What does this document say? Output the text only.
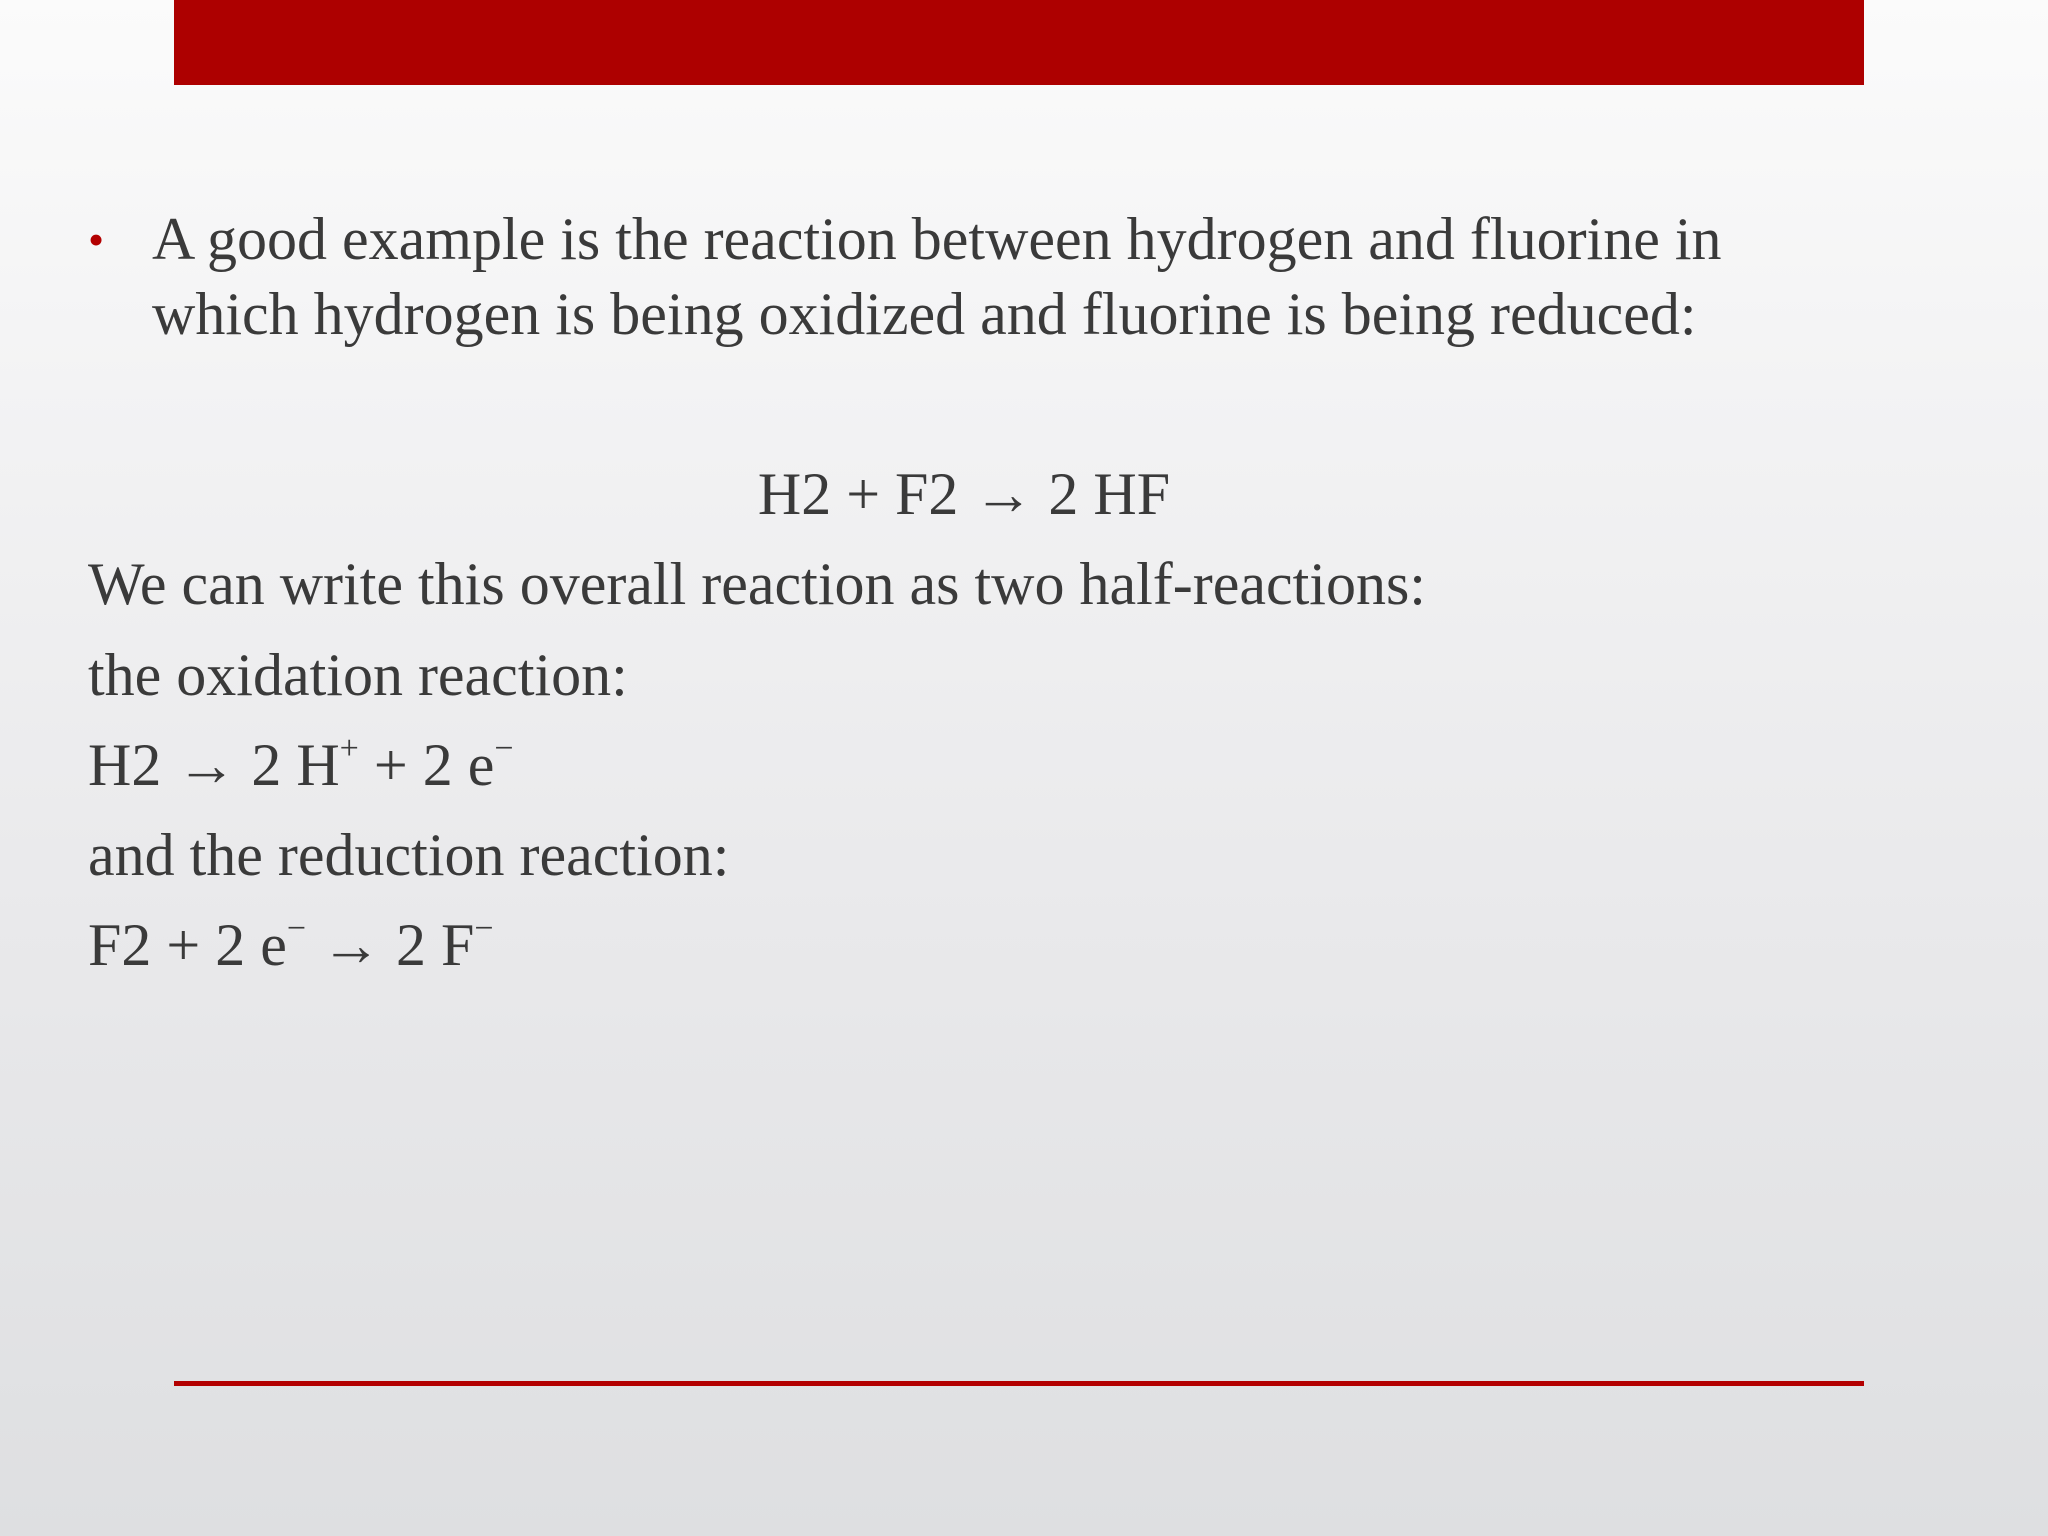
• A good example is the reaction between hydrogen and fluorine in which hydrogen is being oxidized and fluorine is being reduced:
H2 + F2 → 2 HF
We can write this overall reaction as two half-reactions:
the oxidation reaction:
H2 → 2 H+ + 2 e−
and the reduction reaction:
F2 + 2 e− → 2 F−
